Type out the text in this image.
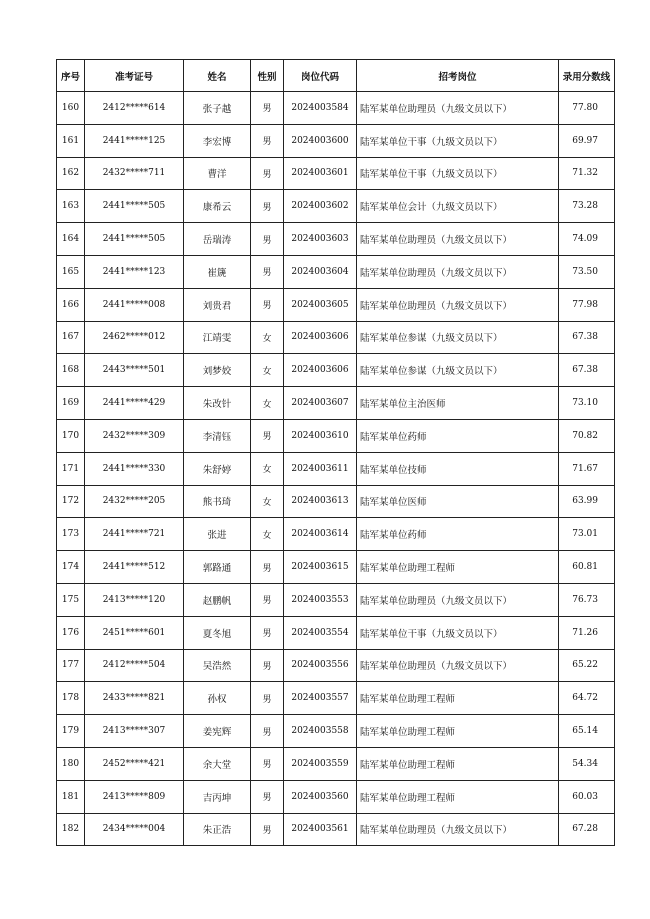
序号	准考证号	姓名	性别	岗位代码	招考岗位	录用分数线
160	2412*****614	张子越	男	2024003584	陆军某单位助理员（九级文员以下）	77.80
161	2441*****125	李宏博	男	2024003600	陆军某单位干事（九级文员以下）	69.97
162	2432*****711	曹洋	男	2024003601	陆军某单位干事（九级文员以下）	71.32
163	2441*****505	康希云	男	2024003602	陆军某单位会计（九级文员以下）	73.28
164	2441*****505	岳瑞涛	男	2024003603	陆军某单位助理员（九级文员以下）	74.09
165	2441*****123	崔篪	男	2024003604	陆军某单位助理员（九级文员以下）	73.50
166	2441*****008	刘贵君	男	2024003605	陆军某单位助理员（九级文员以下）	77.98
167	2462*****012	江靖雯	女	2024003606	陆军某单位参谋（九级文员以下）	67.38
168	2443*****501	刘梦姣	女	2024003606	陆军某单位参谋（九级文员以下）	67.38
169	2441*****429	朱改针	女	2024003607	陆军某单位主治医师	73.10
170	2432*****309	李清钰	男	2024003610	陆军某单位药师	70.82
171	2441*****330	朱舒婷	女	2024003611	陆军某单位技师	71.67
172	2432*****205	熊书琦	女	2024003613	陆军某单位医师	63.99
173	2441*****721	张进	女	2024003614	陆军某单位药师	73.01
174	2441*****512	郭路通	男	2024003615	陆军某单位助理工程师	60.81
175	2413*****120	赵鹏帆	男	2024003553	陆军某单位助理员（九级文员以下）	76.73
176	2451*****601	夏冬旭	男	2024003554	陆军某单位干事（九级文员以下）	71.26
177	2412*****504	吴浩然	男	2024003556	陆军某单位助理员（九级文员以下）	65.22
178	2433*****821	孙权	男	2024003557	陆军某单位助理工程师	64.72
179	2413*****307	姜宪辉	男	2024003558	陆军某单位助理工程师	65.14
180	2452*****421	余大堂	男	2024003559	陆军某单位助理工程师	54.34
181	2413*****809	吉丙坤	男	2024003560	陆军某单位助理工程师	60.03
182	2434*****004	朱正浩	男	2024003561	陆军某单位助理员（九级文员以下）	67.28
